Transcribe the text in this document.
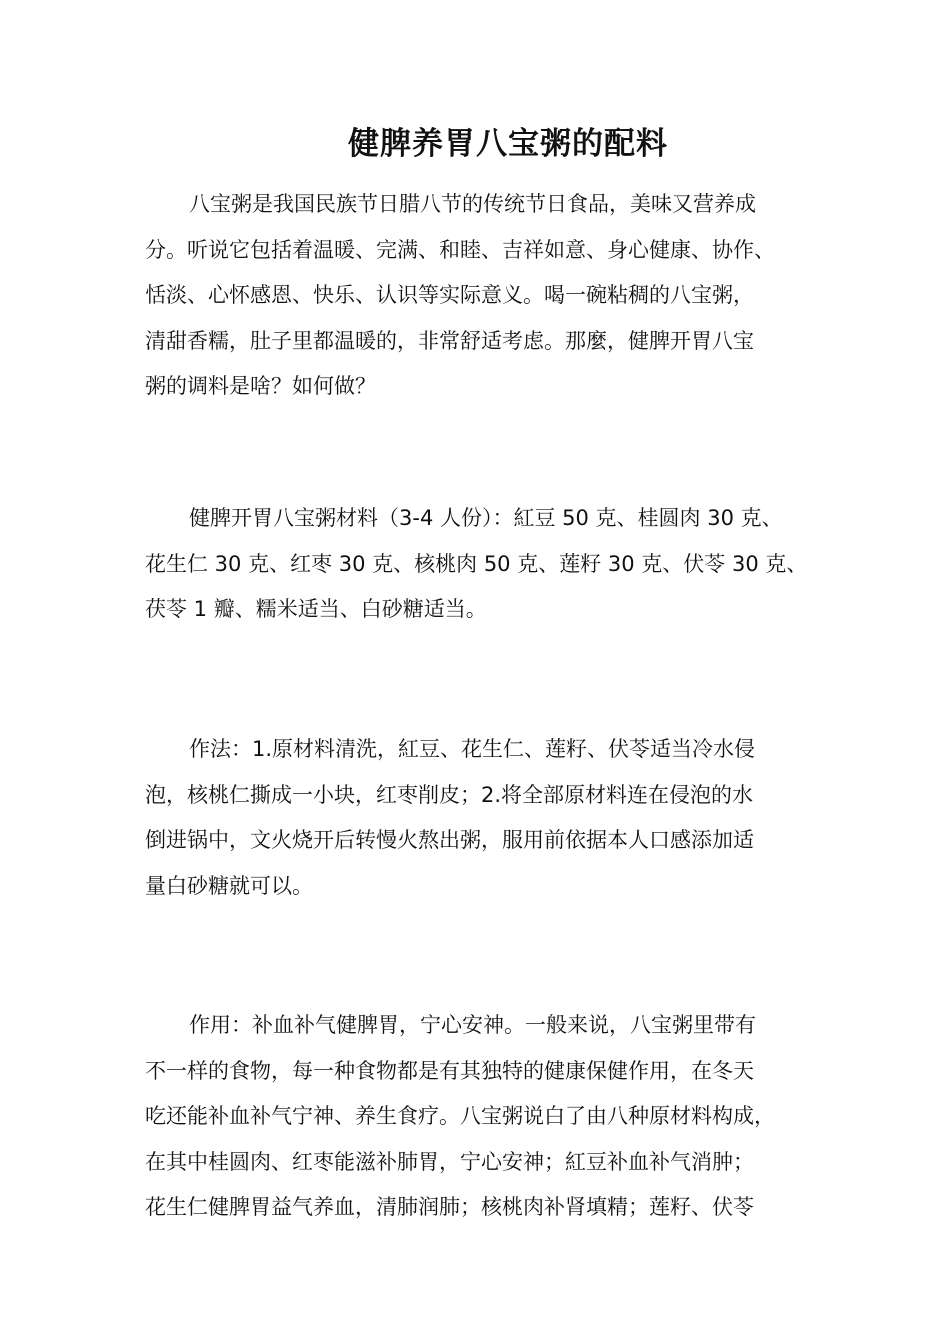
健脾养胃八宝粥的配料
八宝粥是我国民族节日腊八节的传统节日食品，美味又营养成
分。听说它包括着温暖、完满、和睦、吉祥如意、身心健康、协作、
恬淡、心怀感恩、快乐、认识等实际意义。喝一碗粘稠的八宝粥，
清甜香糯，肚子里都温暖的，非常舒适考虑。那麼，健脾开胃八宝
粥的调料是啥？如何做？
健脾开胃八宝粥材料（3-4 人份）：紅豆 50 克、桂圆肉 30 克、
花生仁 30 克、红枣 30 克、核桃肉 50 克、莲籽 30 克、伏苓 30 克、
茯苓 1 瓣、糯米适当、白砂糖适当。
作法：1.原材料清洗，紅豆、花生仁、莲籽、伏苓适当冷水侵
泡，核桃仁撕成一小块，红枣削皮；2.将全部原材料连在侵泡的水
倒进锅中，文火烧开后转慢火熬出粥，服用前依据本人口感添加适
量白砂糖就可以。
作用：补血补气健脾胃，宁心安神。一般来说，八宝粥里带有
不一样的食物，每一种食物都是有其独特的健康保健作用，在冬天
吃还能补血补气宁神、养生食疗。八宝粥说白了由八种原材料构成，
在其中桂圆肉、红枣能滋补肺胃，宁心安神；紅豆补血补气消肿；
花生仁健脾胃益气养血，清肺润肺；核桃肉补肾填精；莲籽、伏苓
